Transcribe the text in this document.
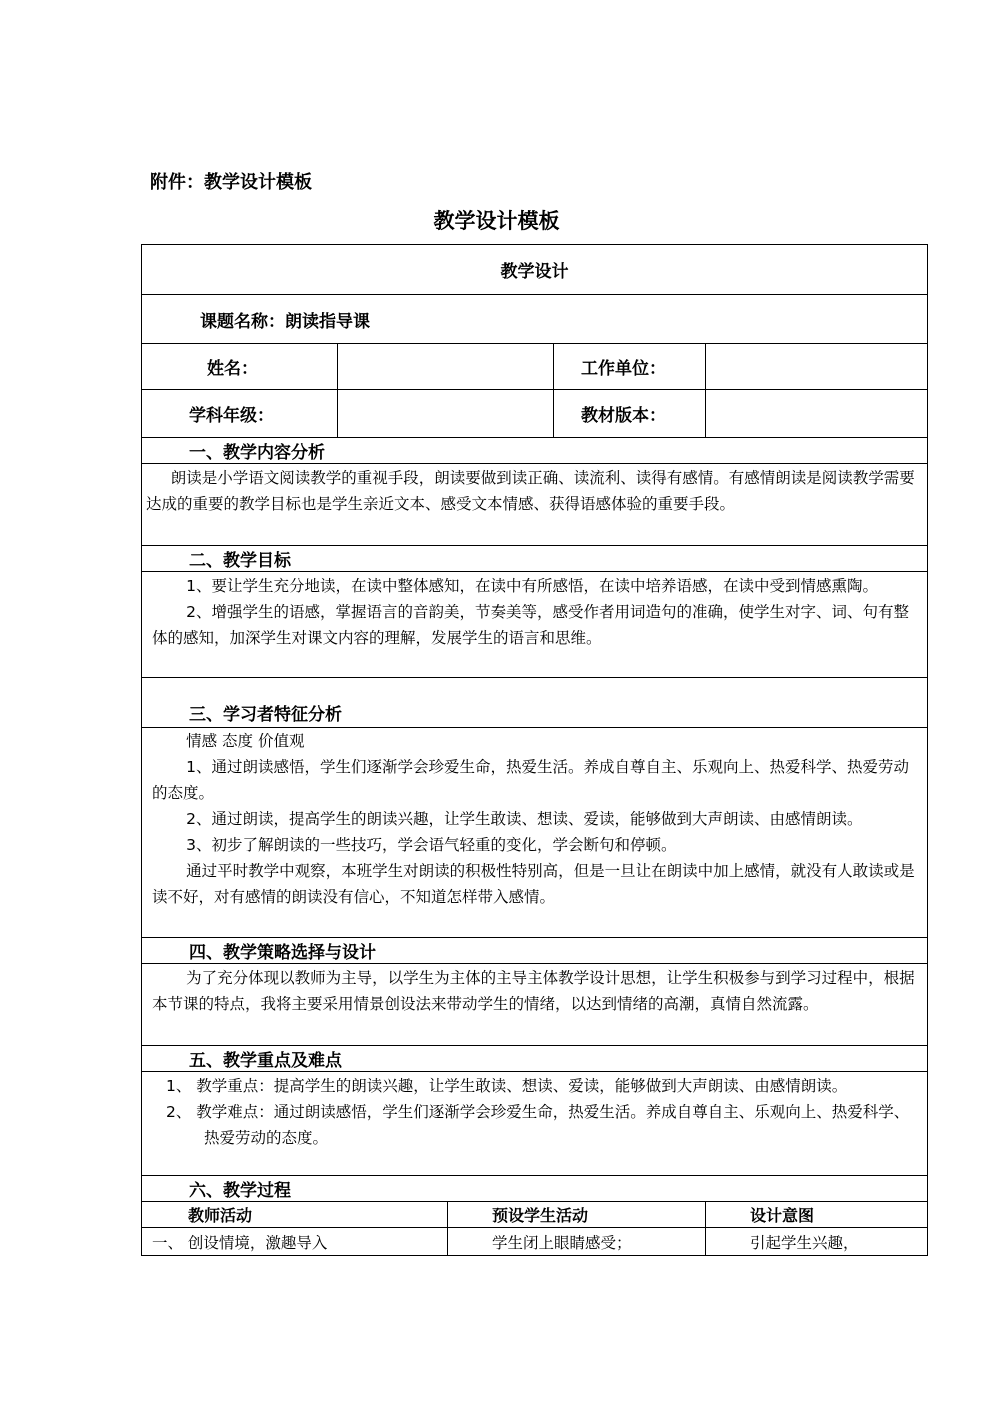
附件：教学设计模板
教学设计模板
教学设计				
课题名称：朗读指导课				
姓名：			工作单位：	
学科年级：			教材版本：	
一、教学内容分析				

朗读是小学语文阅读教学的重视手段，朗读要做到读正确、读流利、读得有感情。有感情朗读是阅读教学需要达成的重要的教学目标也是学生亲近文本、感受文本情感、获得语感体验的重要手段。				

二、教学目标				

1、要让学生充分地读，在读中整体感知，在读中有所感悟，在读中培养语感，在读中受到情感熏陶。

2、增强学生的语感，掌握语言的音韵美，节奏美等，感受作者用词造句的准确，使学生对字、词、句有整体的感知，加深学生对课文内容的理解，发展学生的语言和思维。				

三、学习者特征分析				

情感 态度 价值观

1、通过朗读感悟，学生们逐渐学会珍爱生命，热爱生活。养成自尊自主、乐观向上、热爱科学、热爱劳动的态度。

2、通过朗读，提高学生的朗读兴趣，让学生敢读、想读、爱读，能够做到大声朗读、由感情朗读。

3、初步了解朗读的一些技巧，学会语气轻重的变化，学会断句和停顿。

通过平时教学中观察，本班学生对朗读的积极性特别高，但是一旦让在朗读中加上感情，就没有人敢读或是读不好，对有感情的朗读没有信心，不知道怎样带入感情。				

四、教学策略选择与设计				

为了充分体现以教师为主导，以学生为主体的主导主体教学设计思想，让学生积极参与到学习过程中，根据本节课的特点，我将主要采用情景创设法来带动学生的情绪，以达到情绪的高潮，真情自然流露。				

五、教学重点及难点				

1、 教学重点：提高学生的朗读兴趣，让学生敢读、想读、爱读，能够做到大声朗读、由感情朗读。

2、 教学难点：通过朗读感悟，学生们逐渐学会珍爱生命，热爱生活。养成自尊自主、乐观向上、热爱科学、热爱劳动的态度。				

六、教学过程				
教师活动		预设学生活动		设计意图
一、 创设情境，激趣导入		学生闭上眼睛感受；		引起学生兴趣，
